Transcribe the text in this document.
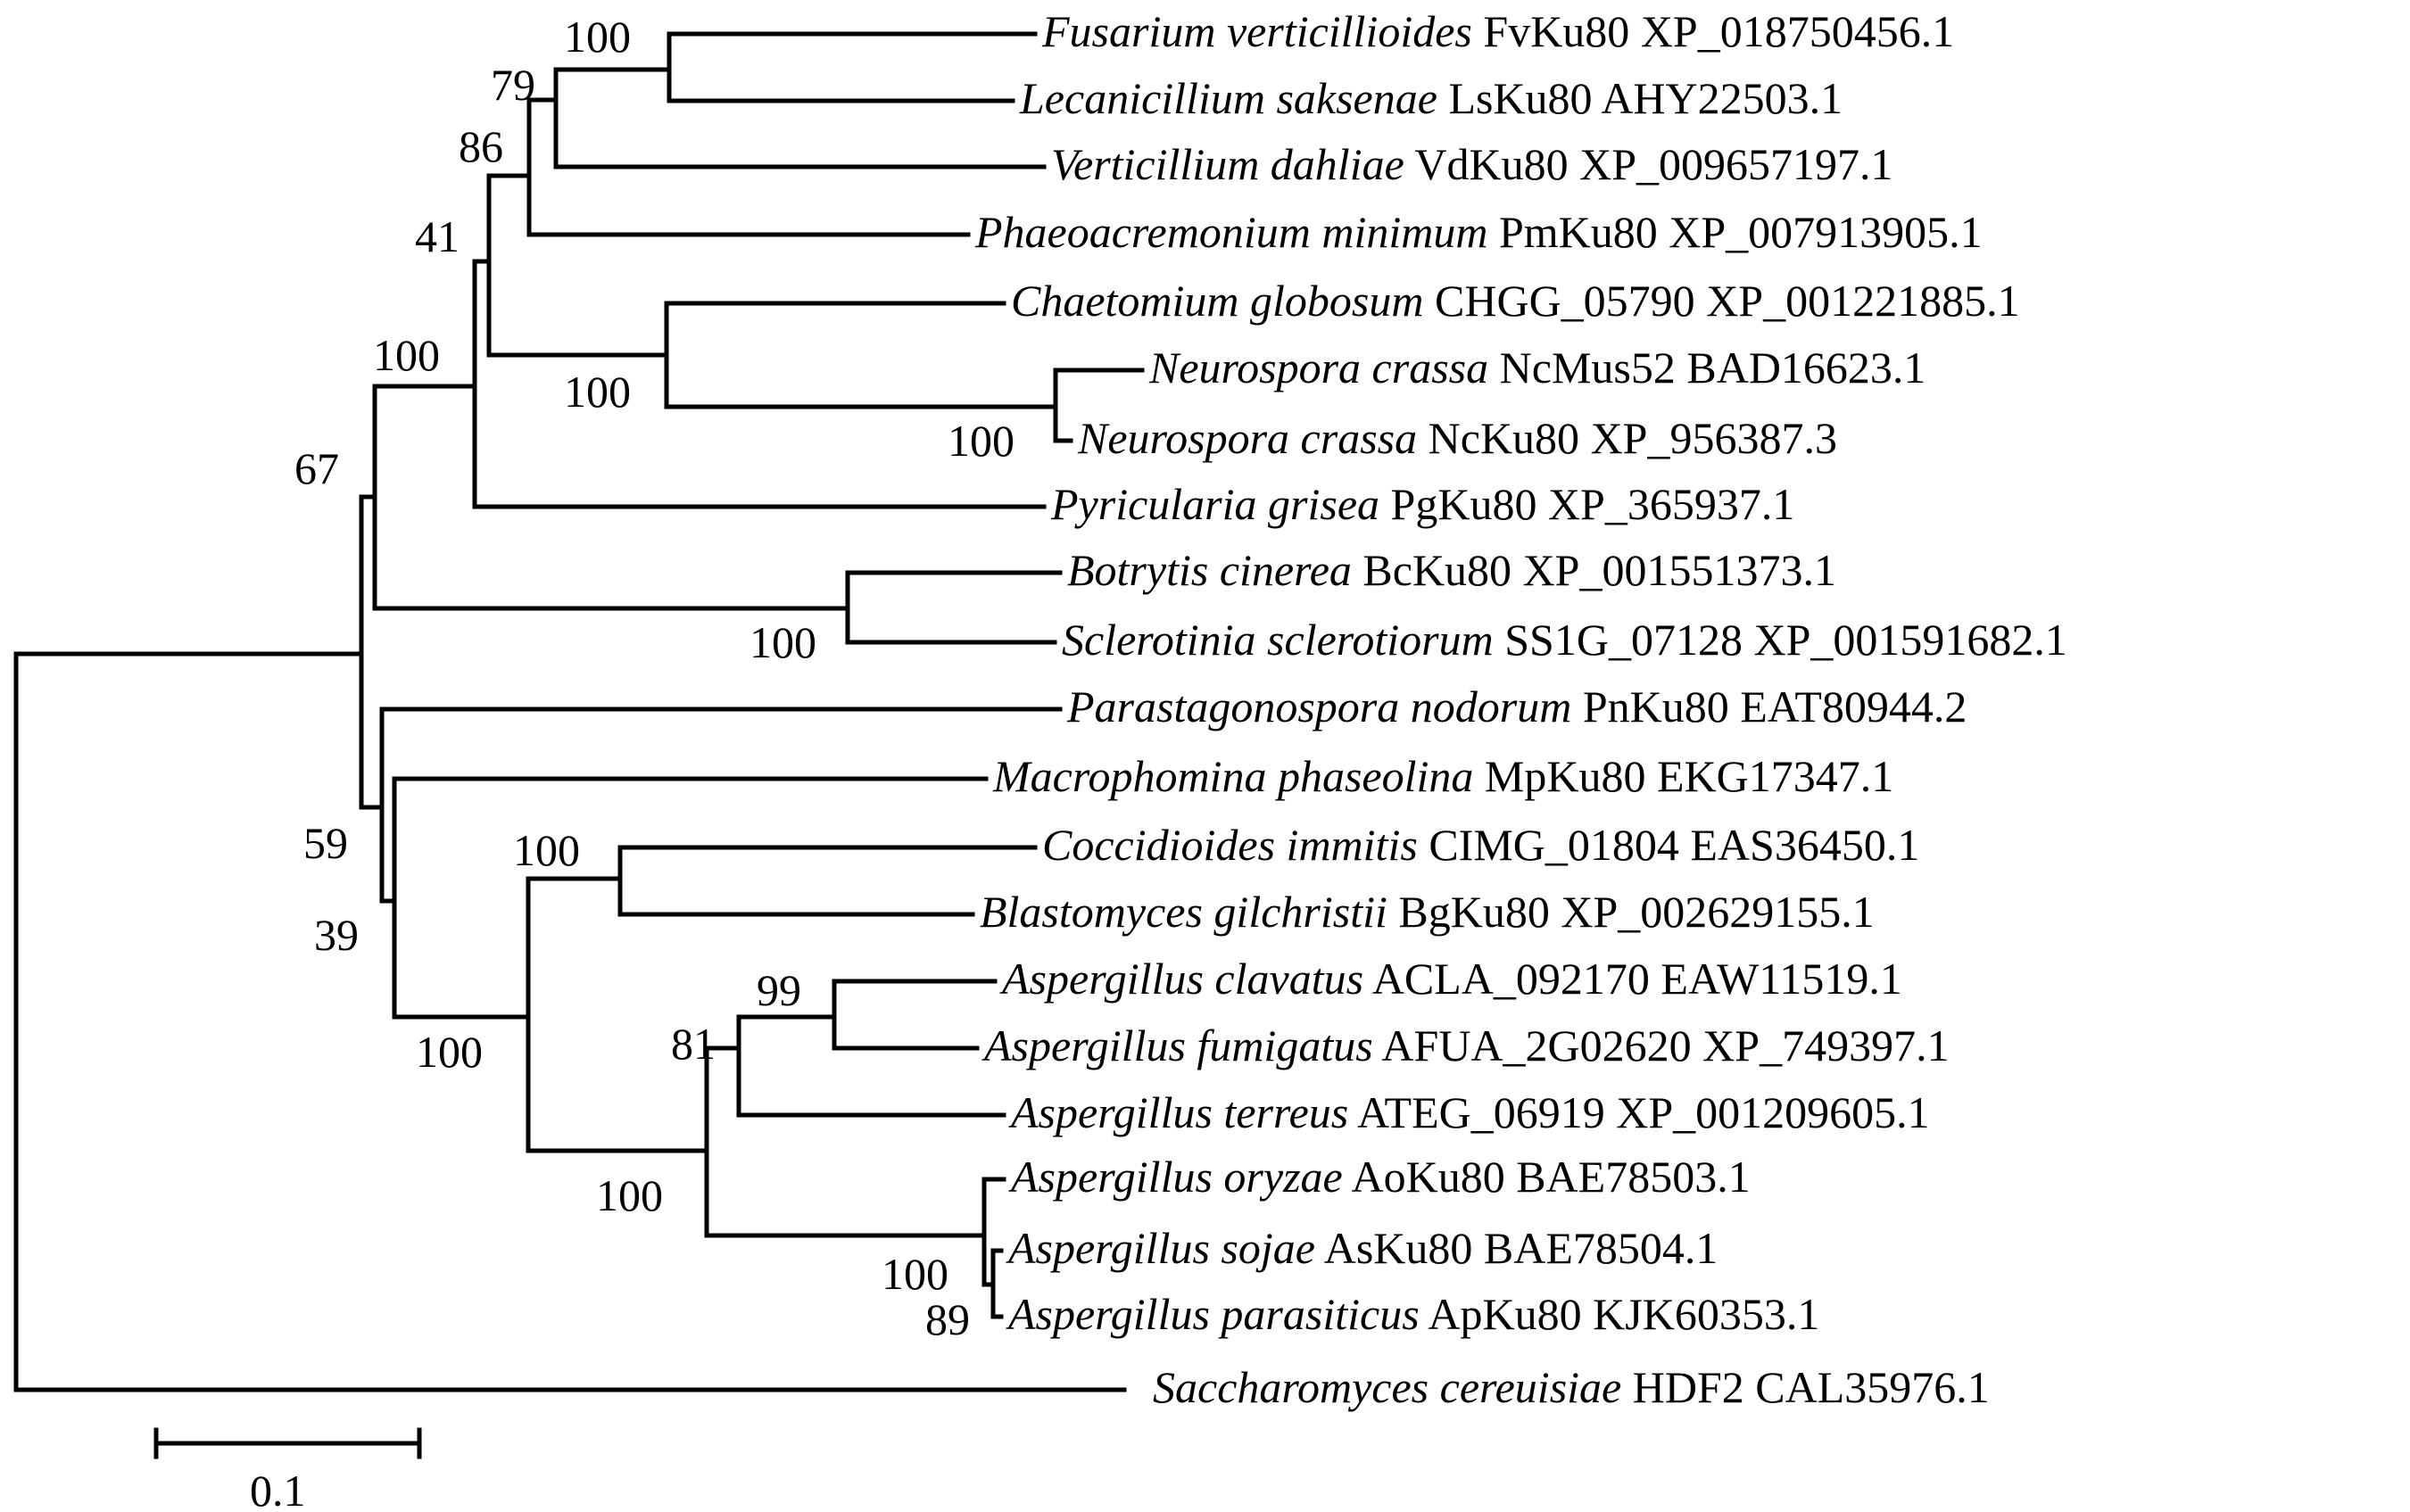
Fusarium verticillioides FvKu80 XP_018750456.1
Lecanicillium saksenae LsKu80 AHY22503.1
Verticillium dahliae VdKu80 XP_009657197.1
Phaeoacremonium minimum PmKu80 XP_007913905.1
Chaetomium globosum CHGG_05790 XP_001221885.1
Neurospora crassa NcMus52 BAD16623.1
Neurospora crassa NcKu80 XP_956387.3
Pyricularia grisea PgKu80 XP_365937.1
Botrytis cinerea BcKu80 XP_001551373.1
Sclerotinia sclerotiorum SS1G_07128 XP_001591682.1
Parastagonospora nodorum PnKu80 EAT80944.2
Macrophomina phaseolina MpKu80 EKG17347.1
Coccidioides immitis CIMG_01804 EAS36450.1
Blastomyces gilchristii BgKu80 XP_002629155.1
Aspergillus clavatus ACLA_092170 EAW11519.1
Aspergillus fumigatus AFUA_2G02620 XP_749397.1
Aspergillus terreus ATEG_06919 XP_001209605.1
Aspergillus oryzae AoKu80 BAE78503.1
Aspergillus sojae AsKu80 BAE78504.1
Aspergillus parasiticus ApKu80 KJK60353.1
Saccharomyces cereuisiae HDF2 CAL35976.1
100
79
86
41
100
100
100
67
100
100
59
39
99
100	81
100
100
89
0.1
